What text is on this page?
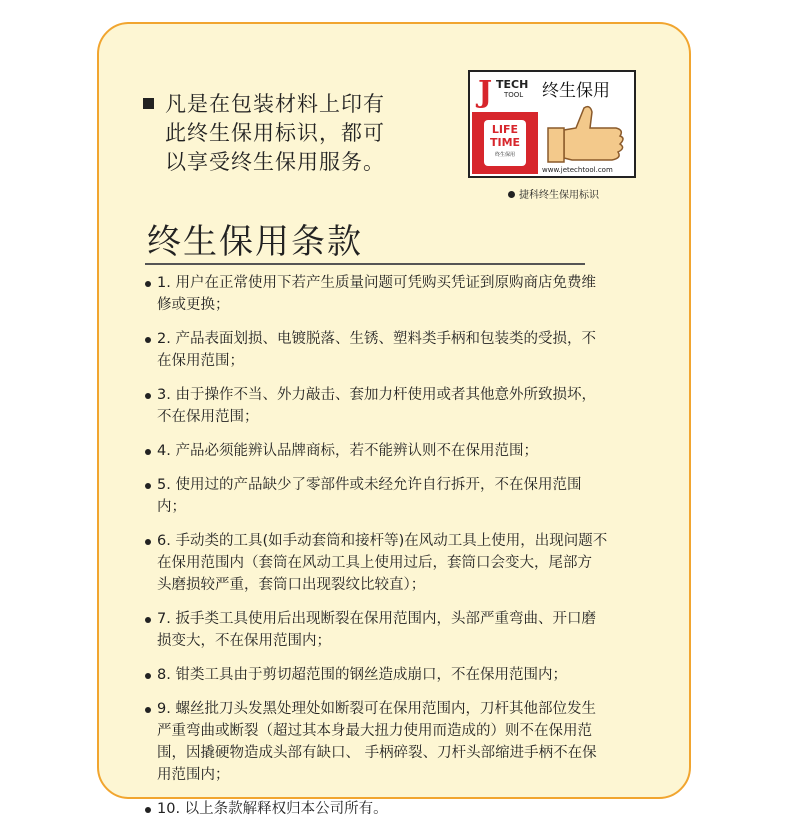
凡是在包装材料上印有
此终生保用标识，都可
以享受终生保用服务。
J TECH
TOOL 终生保用
LIFE
TIME
终生保用
www.jetechtool.com
捷科终生保用标识
终生保用条款
1. 用户在正常使用下若产生质量问题可凭购买凭证到原购商店免费维
修或更换；
2. 产品表面划损、电镀脱落、生锈、塑料类手柄和包装类的受损，不
在保用范围；
3. 由于操作不当、外力敲击、套加力杆使用或者其他意外所致损坏，
不在保用范围；
4. 产品必须能辨认品牌商标，若不能辨认则不在保用范围；
5. 使用过的产品缺少了零部件或未经允许自行拆开，不在保用范围
内；
6. 手动类的工具(如手动套筒和接杆等)在风动工具上使用，出现问题不
在保用范围内（套筒在风动工具上使用过后，套筒口会变大，尾部方
头磨损较严重，套筒口出现裂纹比较直）；
7. 扳手类工具使用后出现断裂在保用范围内，头部严重弯曲、开口磨
损变大，不在保用范围内；
8. 钳类工具由于剪切超范围的钢丝造成崩口，不在保用范围内；
9. 螺丝批刀头发黑处理处如断裂可在保用范围内，刀杆其他部位发生
严重弯曲或断裂（超过其本身最大扭力使用而造成的）则不在保用范
围，因撬硬物造成头部有缺口、 手柄碎裂、刀杆头部缩进手柄不在保
用范围内；
10. 以上条款解释权归本公司所有。
